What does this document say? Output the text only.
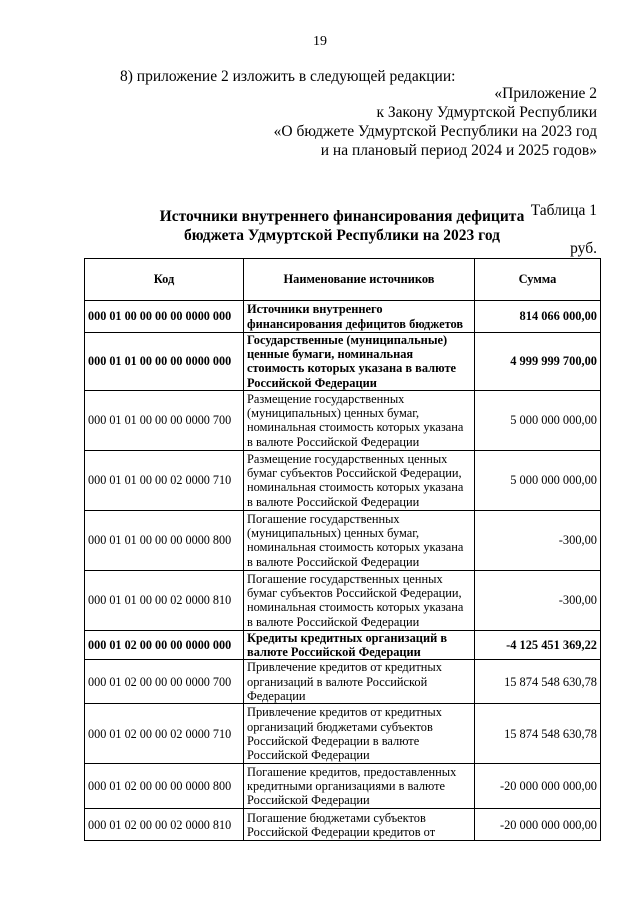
19
8) приложение 2 изложить в следующей редакции:
«Приложение 2
к Закону Удмуртской Республики
«О бюджете Удмуртской Республики на 2023 год
и на плановый период 2024 и 2025 годов»
Таблица 1
Источники внутреннего финансирования дефицита
бюджета Удмуртской Республики на 2023 год
руб.
Код	Наименование источников	Сумма
000 01 00 00 00 00 0000 000	Источники внутреннего финансирования дефицитов бюджетов	814 066 000,00
000 01 01 00 00 00 0000 000	Государственные (муниципальные) ценные бумаги, номинальная стоимость которых указана в валюте Российской Федерации	4 999 999 700,00
000 01 01 00 00 00 0000 700	Размещение государственных (муниципальных) ценных бумаг, номинальная стоимость которых указана в валюте Российской Федерации	5 000 000 000,00
000 01 01 00 00 02 0000 710	Размещение государственных ценных бумаг субъектов Российской Федерации, номинальная стоимость которых указана в валюте Российской Федерации	5 000 000 000,00
000 01 01 00 00 00 0000 800	Погашение государственных (муниципальных) ценных бумаг, номинальная стоимость которых указана в валюте Российской Федерации	-300,00
000 01 01 00 00 02 0000 810	Погашение государственных ценных бумаг субъектов Российской Федерации, номинальная стоимость которых указана в валюте Российской Федерации	-300,00
000 01 02 00 00 00 0000 000	Кредиты кредитных организаций в валюте Российской Федерации	-4 125 451 369,22
000 01 02 00 00 00 0000 700	Привлечение кредитов от кредитных организаций в валюте Российской Федерации	15 874 548 630,78
000 01 02 00 00 02 0000 710	Привлечение кредитов от кредитных организаций бюджетами субъектов Российской Федерации в валюте Российской Федерации	15 874 548 630,78
000 01 02 00 00 00 0000 800	Погашение кредитов, предоставленных кредитными организациями в валюте Российской Федерации	-20 000 000 000,00
000 01 02 00 00 02 0000 810	Погашение бюджетами субъектов Российской Федерации кредитов от	-20 000 000 000,00
